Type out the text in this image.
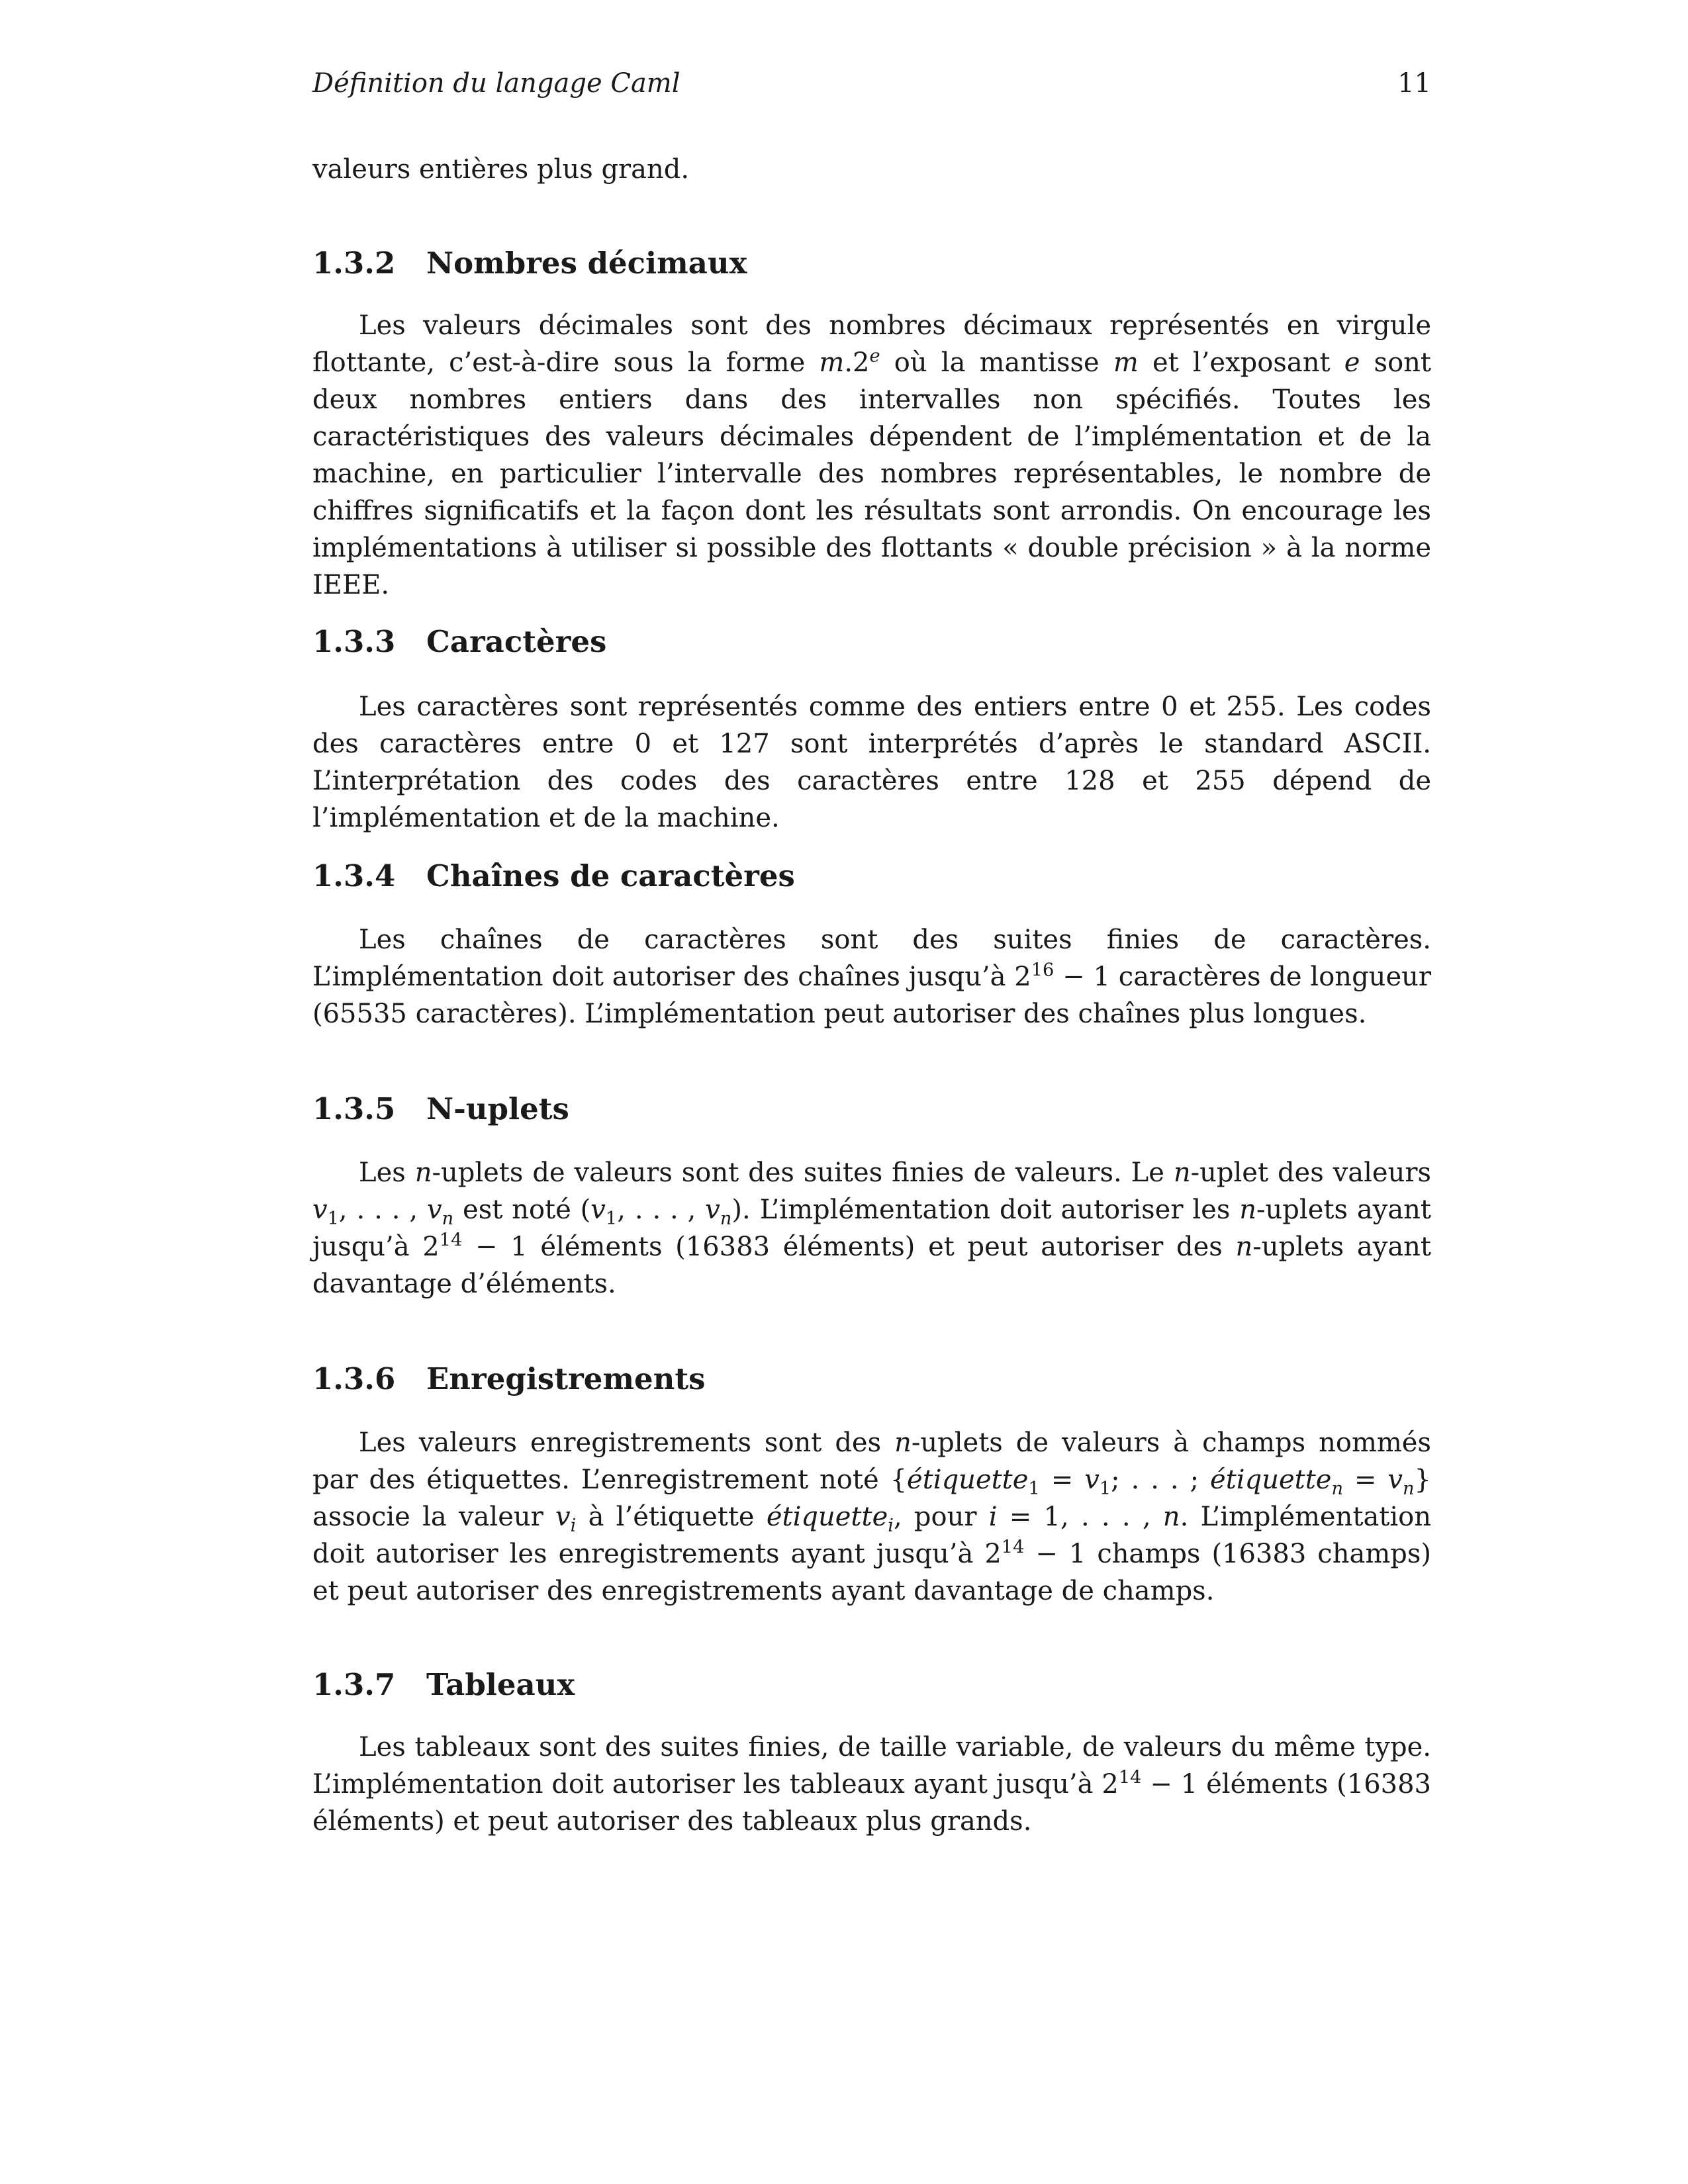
Définition du langage Caml	11

valeurs entières plus grand.

1.3.2 Nombres décimaux

Les valeurs décimales sont des nombres décimaux représentés en virgule flottante, c’est-à-dire sous la forme m.2e où la mantisse m et l’exposant e sont deux nombres entiers dans des intervalles non spécifiés. Toutes les caractéristiques des valeurs décimales dépendent de l’implémentation et de la machine, en particulier l’intervalle des nombres représentables, le nombre de chiffres significatifs et la façon dont les résultats sont arrondis. On encourage les implémentations à utiliser si possible des flottants « double précision » à la norme IEEE.

1.3.3 Caractères

Les caractères sont représentés comme des entiers entre 0 et 255. Les codes des caractères entre 0 et 127 sont interprétés d’après le standard ASCII. L’interprétation des codes des caractères entre 128 et 255 dépend de l’implémentation et de la machine.

1.3.4 Chaînes de caractères

Les chaînes de caractères sont des suites finies de caractères. L’implémentation doit autoriser des chaînes jusqu’à $2^{16} - 1$ caractères de longueur (65535 caractères). L’implémentation peut autoriser des chaînes plus longues.

1.3.5 N-uplets

Les n-uplets de valeurs sont des suites finies de valeurs. Le n-uplet des valeurs $v_1$, . . . , $v_n$ est noté ($v_1$, . . . , $v_n$). L’implémentation doit autoriser les n-uplets ayant jusqu’à $2^{14} - 1$ éléments (16383 éléments) et peut autoriser des n-uplets ayant davantage d’éléments.

1.3.6 Enregistrements

Les valeurs enregistrements sont des n-uplets de valeurs à champs nommés par des étiquettes. L’enregistrement noté {étiquette$_1$ = $v_1$; . . . ; étiquette$_n$ = $v_n$} associe la valeur $v_i$ à l’étiquette étiquette$_i$, pour i = 1, . . . , n. L’implémentation doit autoriser les enregistrements ayant jusqu’à $2^{14} - 1$ champs (16383 champs) et peut autoriser des enregistrements ayant davantage de champs.

1.3.7 Tableaux

Les tableaux sont des suites finies, de taille variable, de valeurs du même type. L’implémentation doit autoriser les tableaux ayant jusqu’à $2^{14} - 1$ éléments (16383 éléments) et peut autoriser des tableaux plus grands.
